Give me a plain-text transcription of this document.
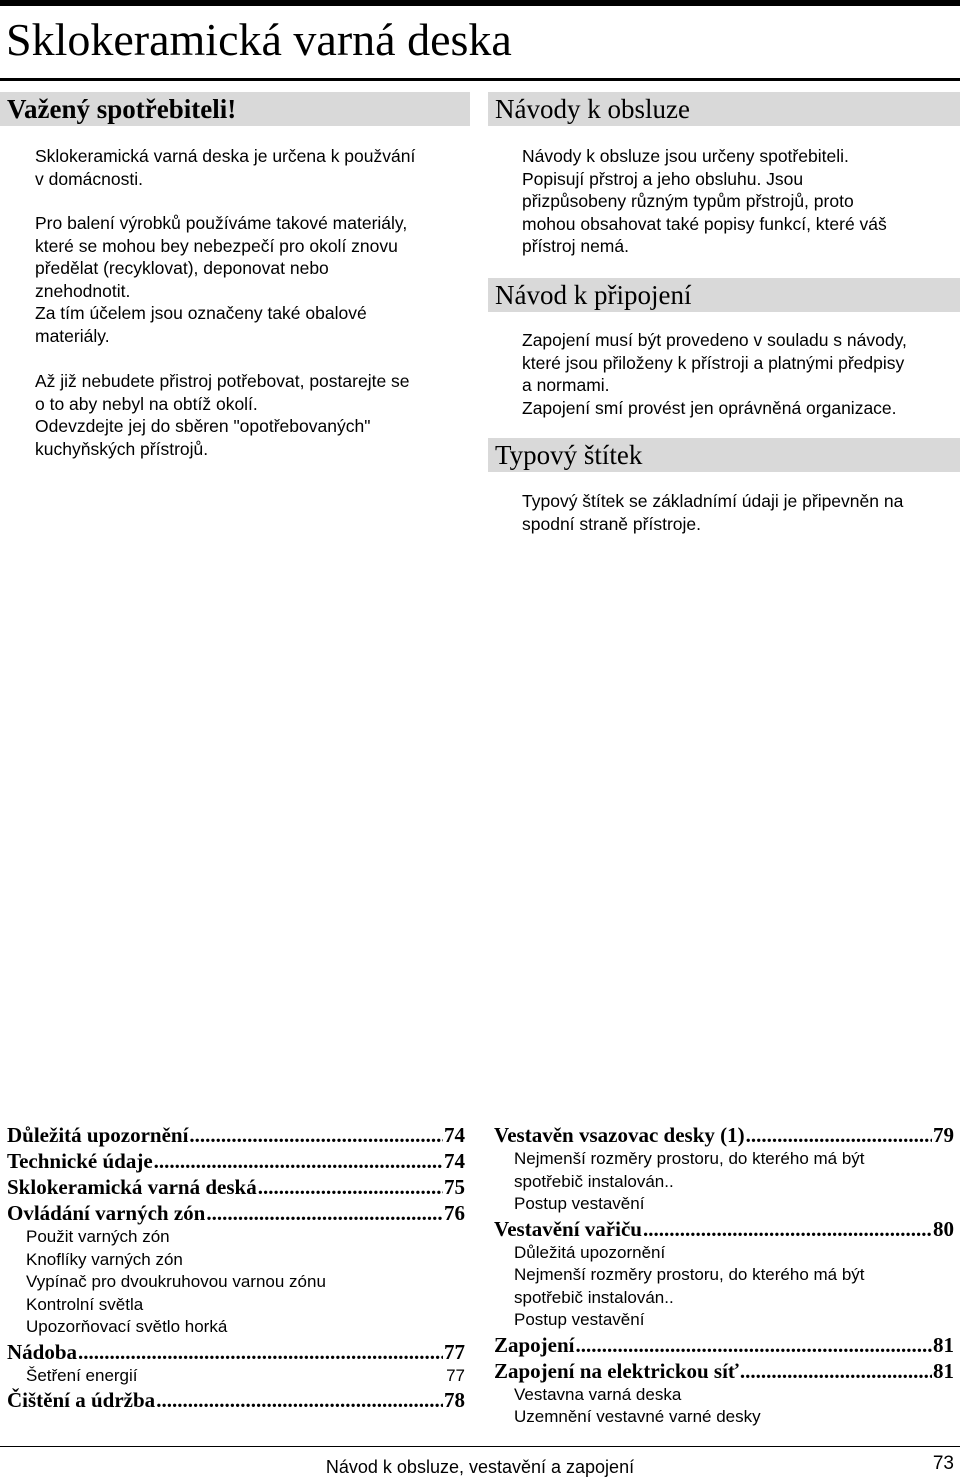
Sklokeramická varná deska
Važený spotřebiteli!

Sklokeramická varná deska je určena k použvání
v domácnosti.

Pro balení výrobků používáme takové materiály,
které se mohou bey nebezpečí pro okolí znovu
předělat (recyklovat), deponovat nebo
znehodnotit.
Za tím účelem jsou označeny také obalové
materiály.

Až již nebudete přistroj potřebovat, postarejte se
o to aby nebyl na obtíž okolí.
Odevzdejte jej do sběren "opotřebovaných"
kuchyňských přístrojů.

Návody k obsluze

Návody k obsluze jsou určeny spotřebiteli.
Popisují přstroj a jeho obsluhu. Jsou
přizpůsobeny různým typům přstrojů, proto
mohou obsahovat také popisy funkcí, které váš
přístroj nemá.

Návod k připojení

Zapojení musí být provedeno v souladu s návody,
které jsou přiloženy k přístroji a platnými předpisy
a normami.
Zapojení smí provést jen oprávněná organizace.

Typový štítek

Typový štítek se základnímí údaji je připevněn na
spodní straně přístroje.

Důležitá upozornění .....	74
Technické údaje .....	74
Sklokeramická varná deská .....	75
Ovládání varných zón .....	76
Použit varných zón
Knoflíky varných zón
Vypínač pro dvoukruhovou varnou zónu
Kontrolní světla
Upozorňovací světlo horká
Nádoba .....	77
Šetření energií	77
Čištění a údržba .....	78
Vestavěn vsazovac desky (1) .....	79
Nejmenší rozměry prostoru, do kterého má být
spotřebič instalován..
Postup vestavění
Vestavění vařiču .....	80
Důležitá upozornění
Nejmenší rozměry prostoru, do kterého má být
spotřebič instalován..
Postup vestavění
Zapojení .....	81
Zapojení na elektrickou síť .....	81
Vestavna varná deska
Uzemnění vestavné varné desky
Návod k obsluze, vestavění a zapojení	73
